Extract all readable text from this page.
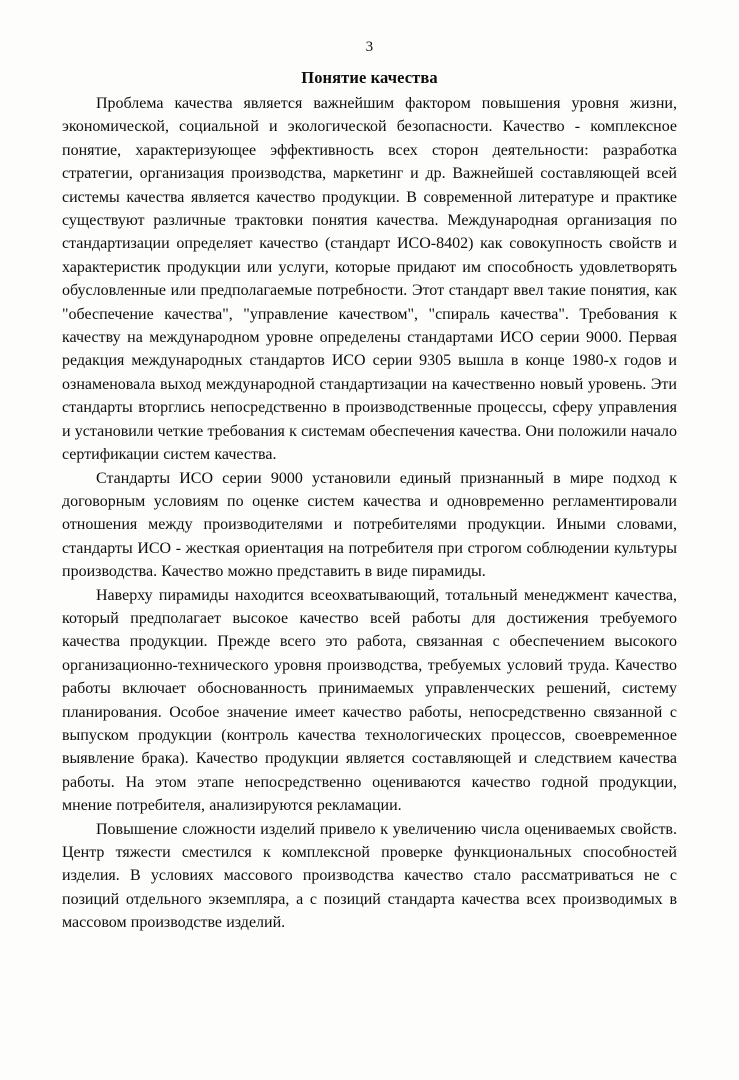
3
Понятие качества

Проблема качества является важнейшим фактором повышения уровня жизни, экономической, социальной и экологической безопасности. Качество - комплексное понятие, характеризующее эффективность всех сторон деятельности: разработка стратегии, организация производства, маркетинг и др. Важнейшей составляющей всей системы качества является качество продукции. В современной литературе и практике существуют различные трактовки понятия качества. Международная организация по стандартизации определяет качество (стандарт ИСО-8402) как совокупность свойств и характеристик продукции или услуги, которые придают им способность удовлетворять обусловленные или предполагаемые потребности. Этот стандарт ввел такие понятия, как "обеспечение качества", "управление качеством", "спираль качества". Требования к качеству на международном уровне определены стандартами ИСО серии 9000. Первая редакция международных стандартов ИСО серии 9305 вышла в конце 1980-х годов и ознаменовала выход международной стандартизации на качественно новый уровень. Эти стандарты вторглись непосредственно в производственные процессы, сферу управления и установили четкие требования к системам обеспечения качества. Они положили начало сертификации систем качества.

Стандарты ИСО серии 9000 установили единый признанный в мире подход к договорным условиям по оценке систем качества и одновременно регламентировали отношения между производителями и потребителями продукции. Иными словами, стандарты ИСО - жесткая ориентация на потребителя при строгом соблюдении культуры производства. Качество можно представить в виде пирамиды.

Наверху пирамиды находится всеохватывающий, тотальный менеджмент качества, который предполагает высокое качество всей работы для достижения требуемого качества продукции. Прежде всего это работа, связанная с обеспечением высокого организационно-технического уровня производства, требуемых условий труда. Качество работы включает обоснованность принимаемых управленческих решений, систему планирования. Особое значение имеет качество работы, непосредственно связанной с выпуском продукции (контроль качества технологических процессов, своевременное выявление брака). Качество продукции является составляющей и следствием качества работы. На этом этапе непосредственно оцениваются качество годной продукции, мнение потребителя, анализируются рекламации.

Повышение сложности изделий привело к увеличению числа оцениваемых свойств. Центр тяжести сместился к комплексной проверке функциональных способностей изделия. В условиях массового производства качество стало рассматриваться не с позиций отдельного экземпляра, а с позиций стандарта качества всех производимых в массовом производстве изделий.
